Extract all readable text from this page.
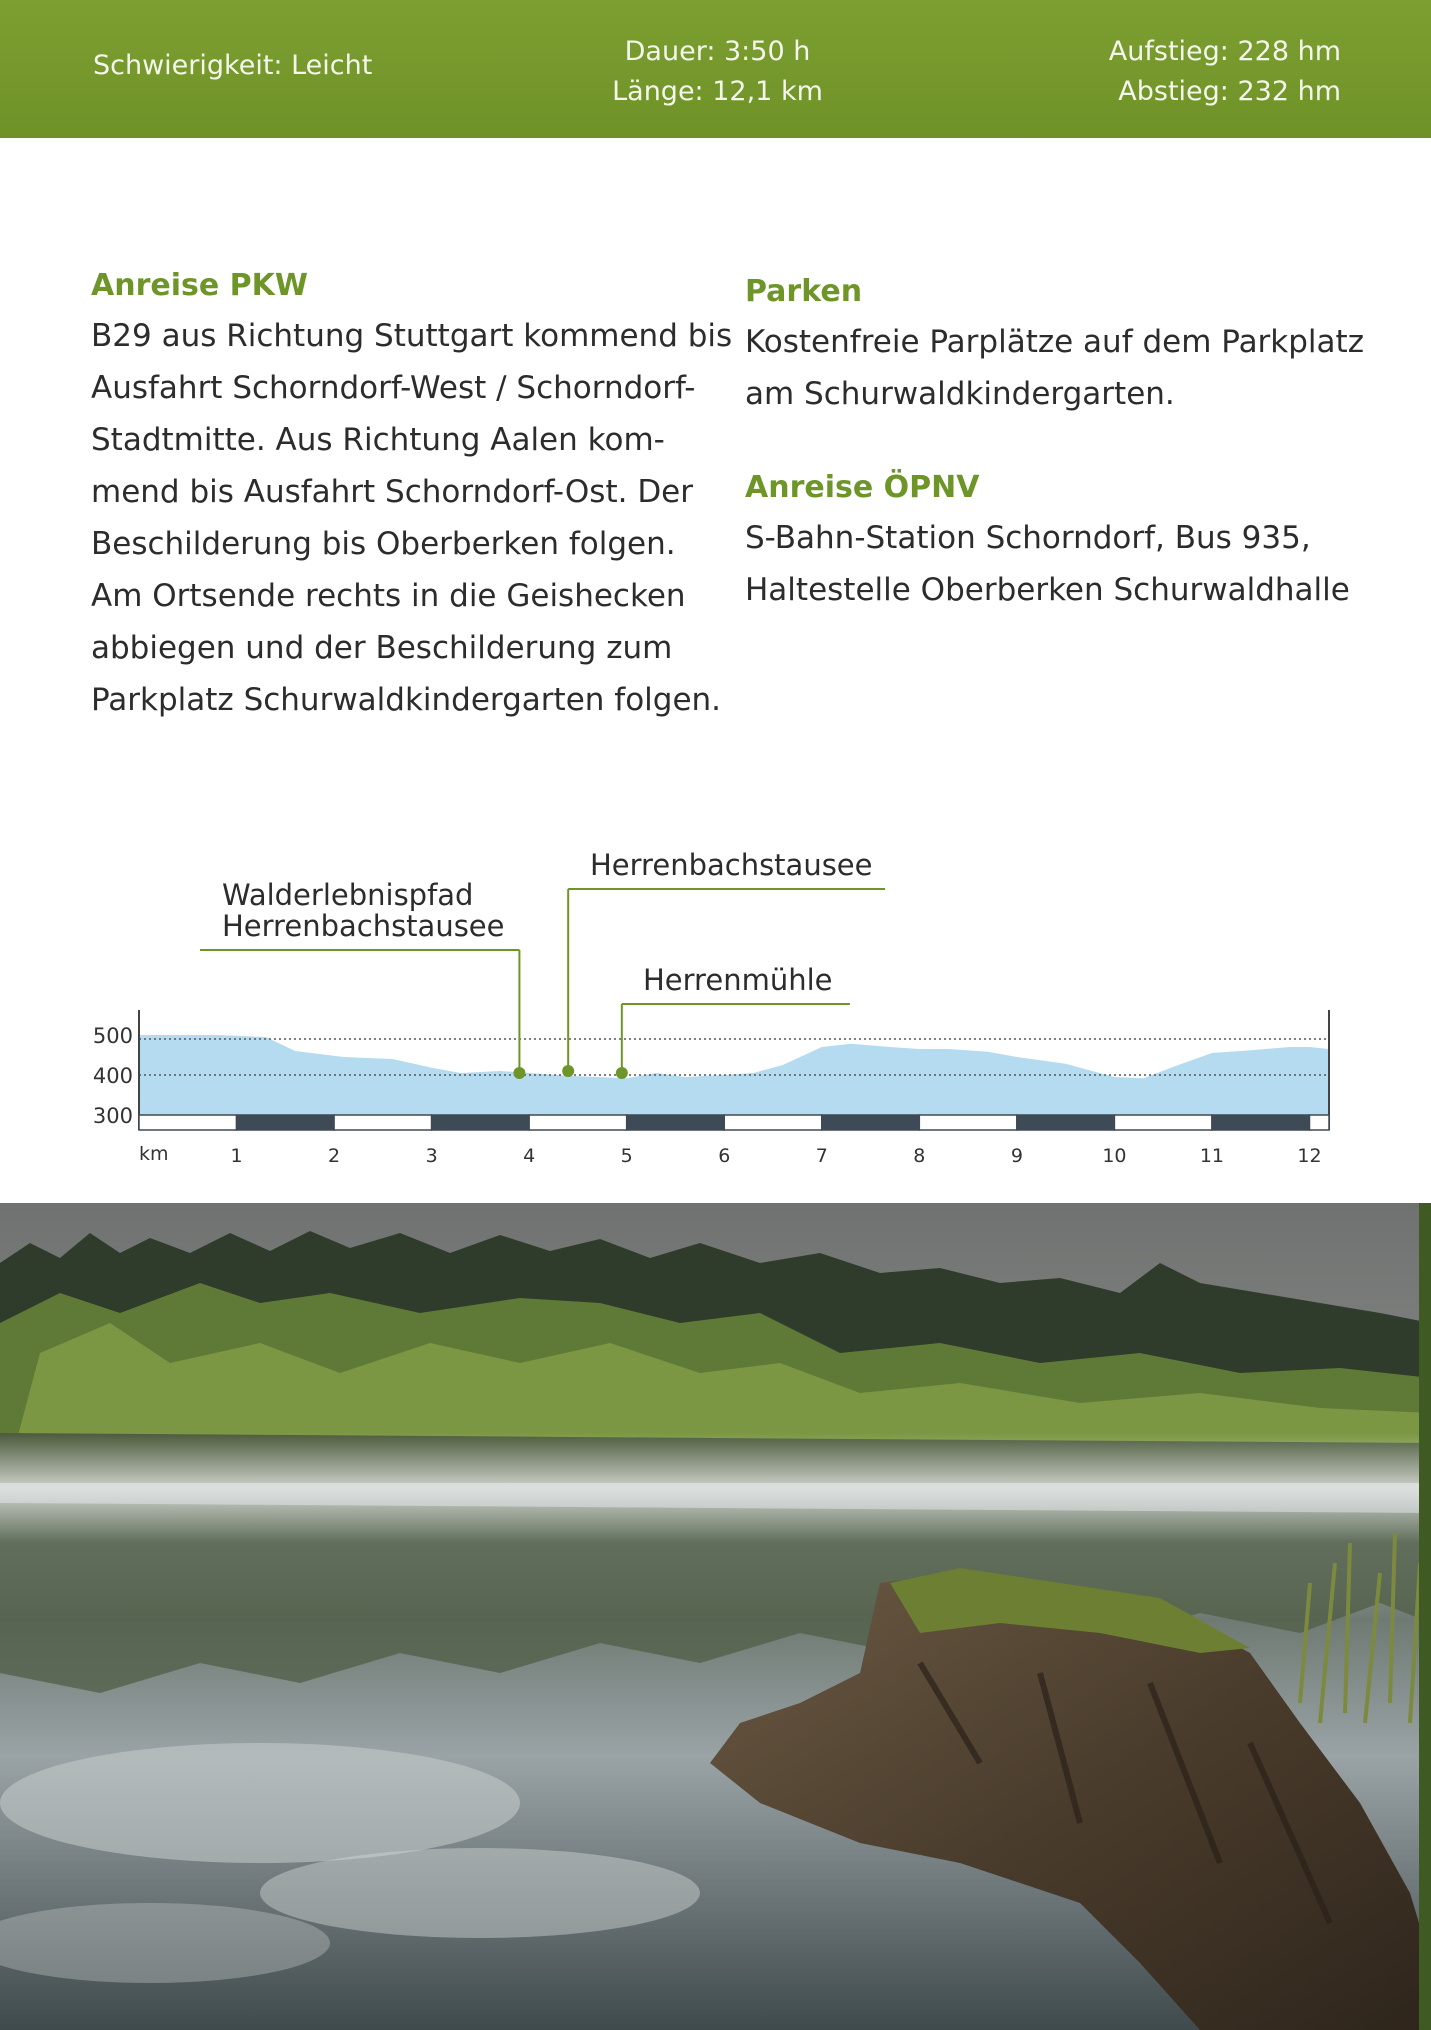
Schwierigkeit: Leicht	Dauer: 3:50 h
Länge: 12,1 km
Aufstieg: 228 hm
Abstieg: 232 hm
Anreise PKW

B29 aus Richtung Stuttgart kommend bis

Ausfahrt Schorndorf-West / Schorndorf-

Stadtmitte. Aus Richtung Aalen kom-

mend bis Ausfahrt Schorndorf-Ost. Der

Beschilderung bis Oberberken folgen.

Am Ortsende rechts in die Geishecken

abbiegen und der Beschilderung zum

Parkplatz Schurwaldkindergarten folgen.

Parken

Kostenfreie Parplätze auf dem Parkplatz

am Schurwaldkindergarten.

Anreise ÖPNV

S-Bahn-Station Schorndorf, Bus 935,

Haltestelle Oberberken Schurwaldhalle

500
400
300
km	1	2	3	4	5	6	7	8	9	10	11	12
Walderlebnispfad
Herrenbachstausee
Herrenbachstausee
Herrenmühle
